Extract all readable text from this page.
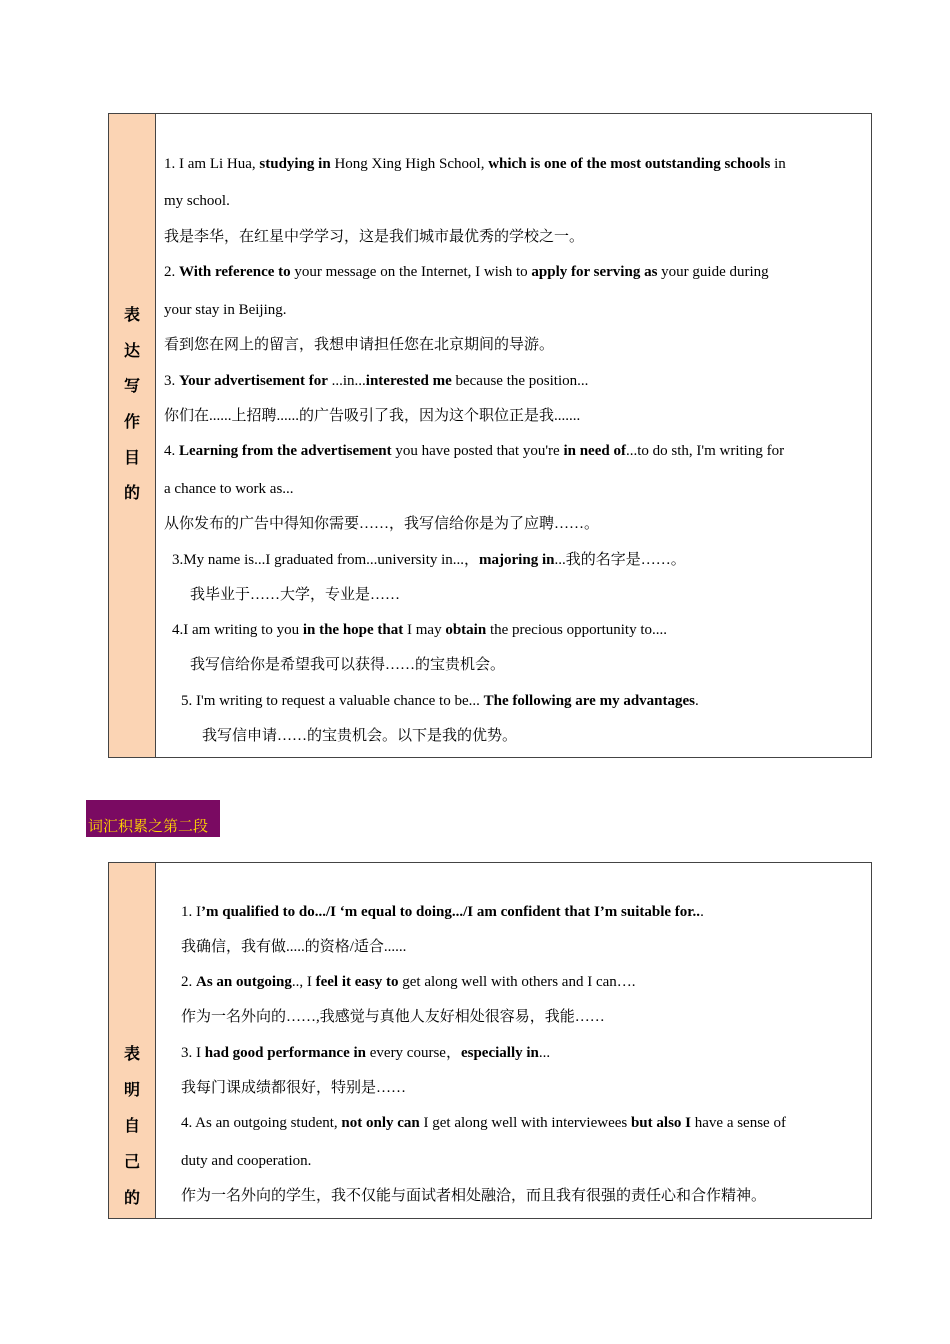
表
达
写
作
目
的
1. I am Li Hua, studying in Hong Xing High School, which is one of the most outstanding schools in
my school.
我是李华，在红星中学学习，这是我们城市最优秀的学校之一。
2. With reference to your message on the Internet, I wish to apply for serving as your guide during
your stay in Beijing.
看到您在网上的留言，我想申请担任您在北京期间的导游。
3. Your advertisement for ...in...interested me because the position...
你们在......上招聘......的广告吸引了我，因为这个职位正是我.......
4. Learning from the advertisement you have posted that you're in need of...to do sth, I'm writing for
a chance to work as...
从你发布的广告中得知你需要……，我写信给你是为了应聘……。
3.My name is...I graduated from...university in...，majoring in...我的名字是……。
我毕业于……大学，专业是……
4.I am writing to you in the hope that I may obtain the precious opportunity to....
我写信给你是希望我可以获得……的宝贵机会。
5. I'm writing to request a valuable chance to be... The following are my advantages.
我写信申请……的宝贵机会。以下是我的优势。
词汇积累之第二段
表
明
自
己
的
1. I’m qualified to do.../I ‘m equal to doing.../I am confident that I’m suitable for...
我确信，我有做.....的资格/适合......
2. As an outgoing.., I feel it easy to get along well with others and I can….
作为一名外向的……,我感觉与真他人友好相处很容易，我能……
3. I had good performance in every course，especially in...
我每门课成绩都很好，特别是……
4. As an outgoing student, not only can I get along well with interviewees but also I have a sense of
duty and cooperation.
作为一名外向的学生，我不仅能与面试者相处融洽，而且我有很强的责任心和合作精神。
